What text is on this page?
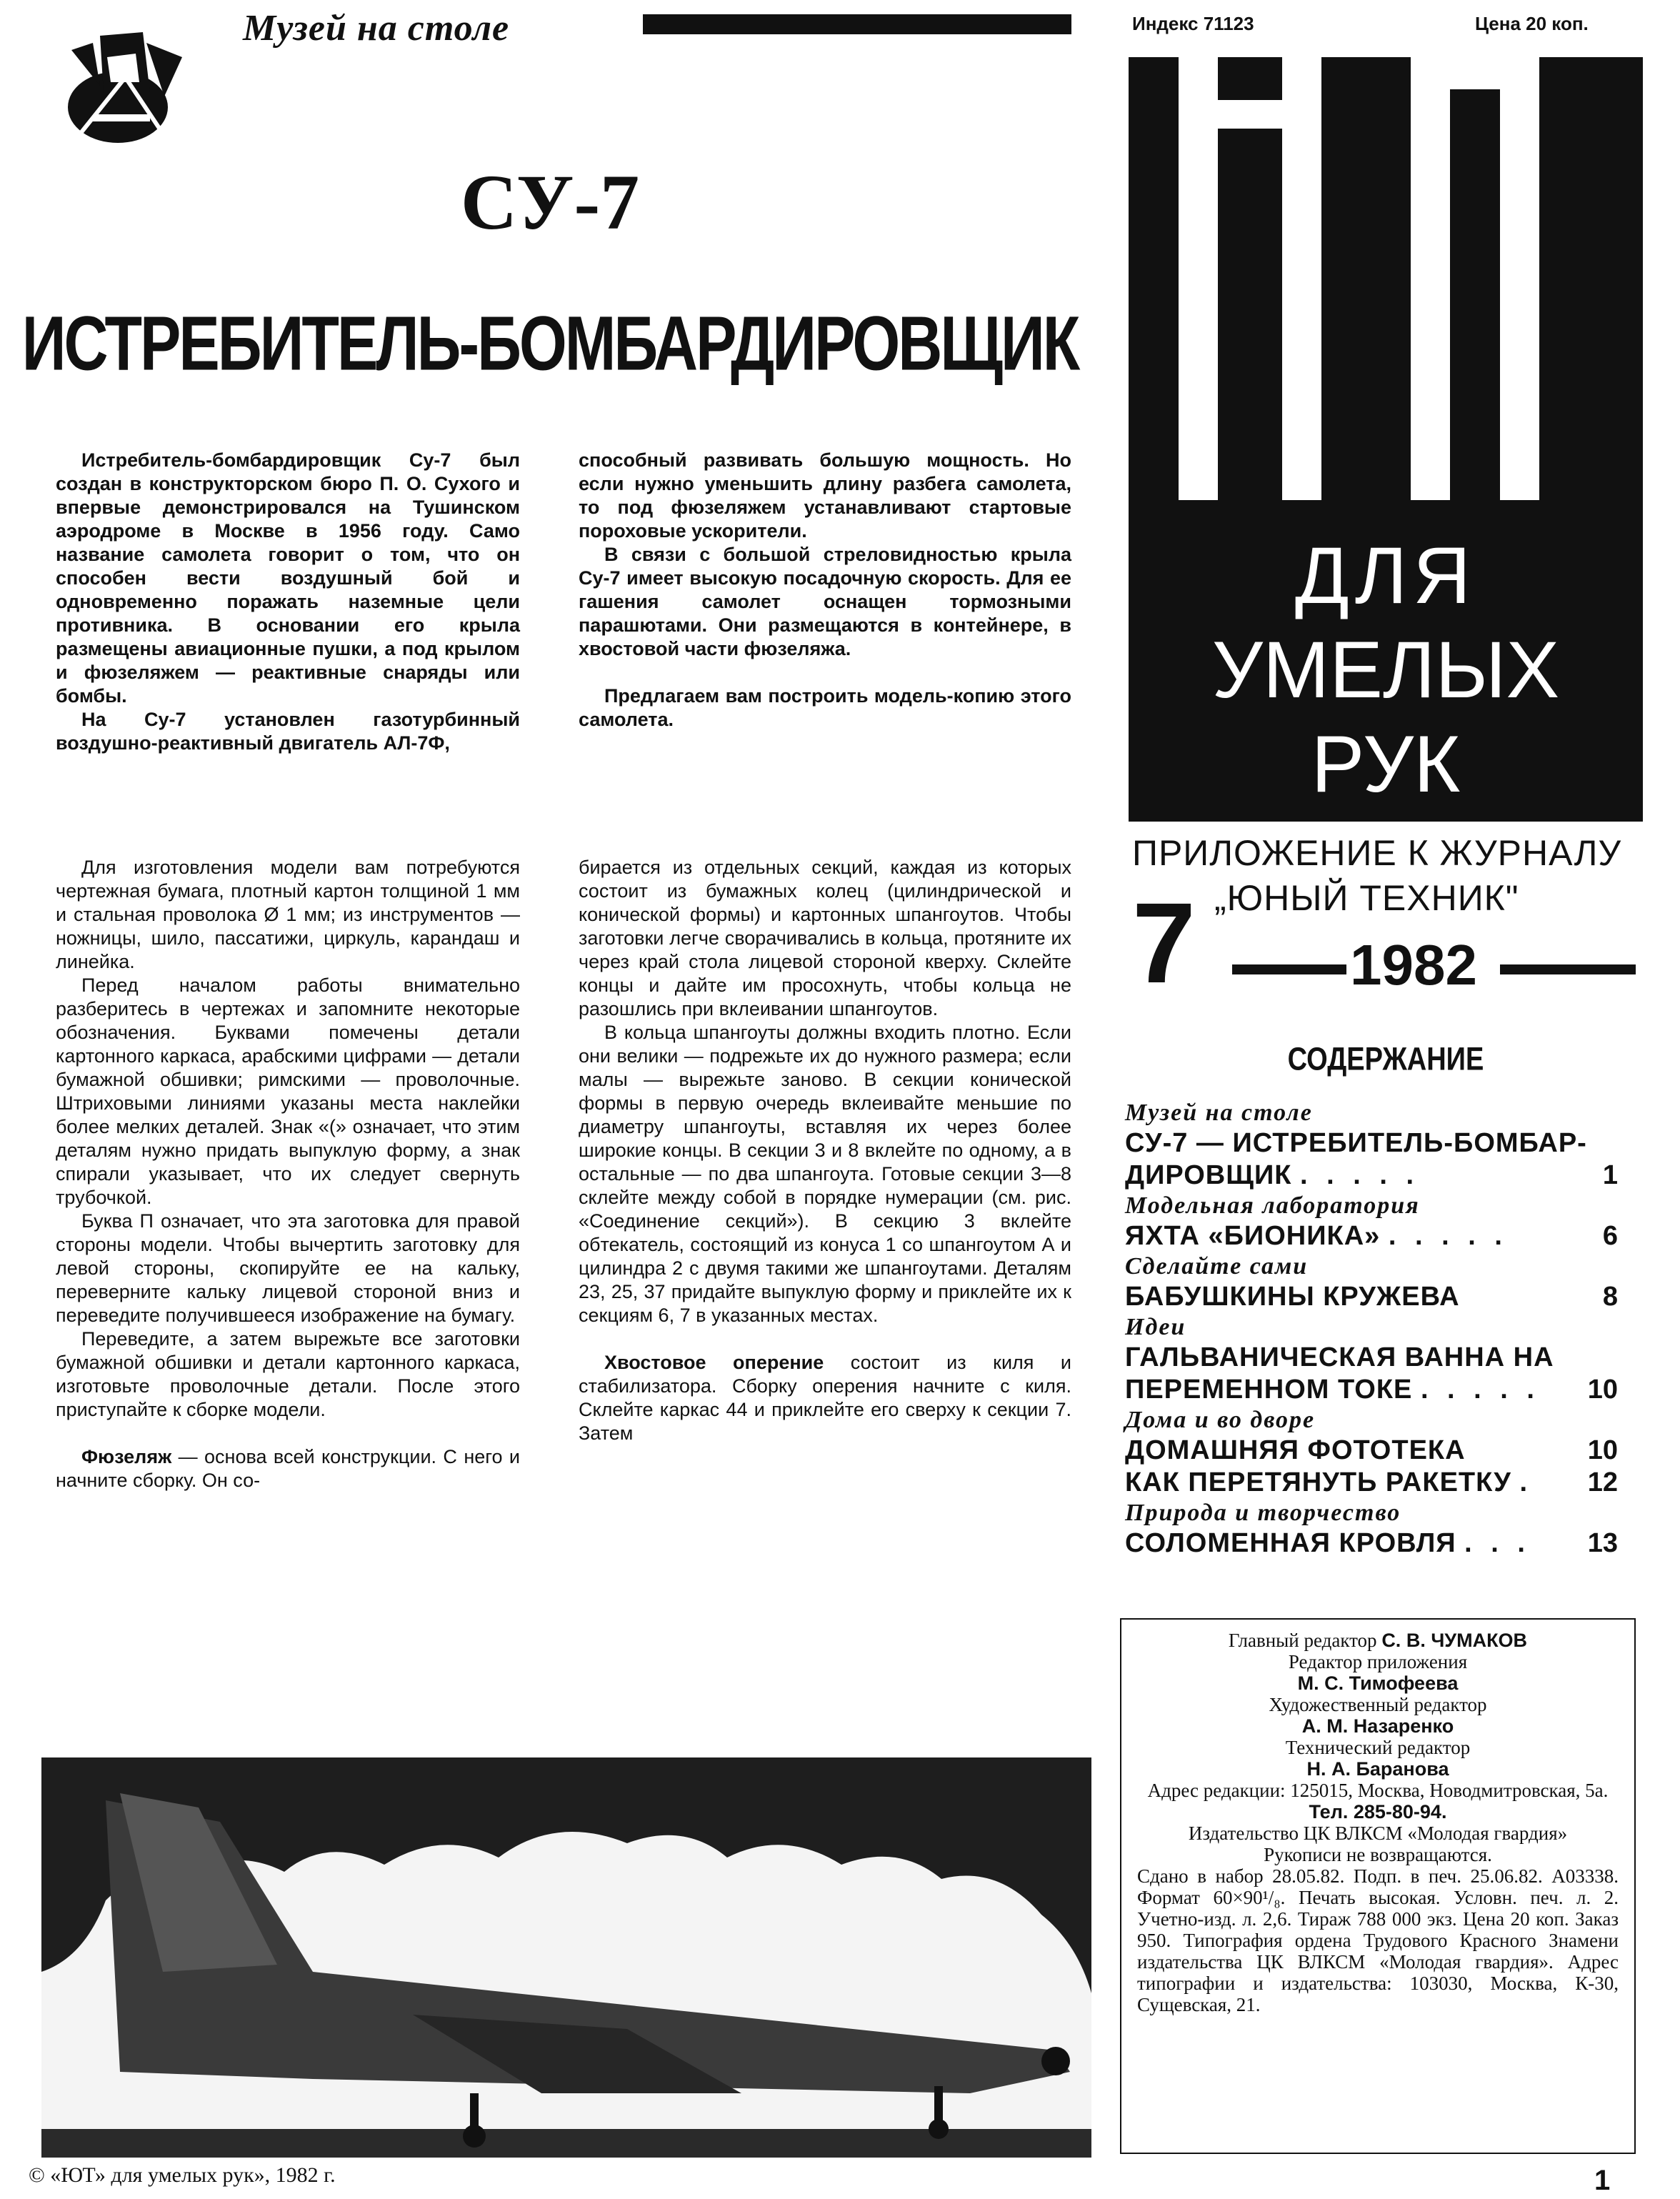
Музей на столе
СУ-7
ИСТРЕБИТЕЛЬ-БОМБАРДИРОВЩИК

Истребитель-бомбардировщик Су-7 был создан в конструкторском бюро П. О. Сухого и впервые демонстрировался на Тушинском аэродроме в Москве в 1956 году. Само название самолета говорит о том, что он способен вести воздушный бой и одновременно поражать наземные цели противника. В основании его крыла размещены авиационные пушки, а под крылом и фюзеляжем — реактивные снаряды или бомбы.

На Су-7 установлен газотурбинный воздушно-реактивный двигатель АЛ-7Ф,

способный развивать большую мощность. Но если нужно уменьшить длину разбега самолета, то под фюзеляжем устанавливают стартовые пороховые ускорители.

В связи с большой стреловидностью крыла Су-7 имеет высокую посадочную скорость. Для ее гашения самолет оснащен тормозными парашютами. Они размещаются в контейнере, в хвостовой части фюзеляжа.

Предлагаем вам построить модель-копию этого самолета.

Для изготовления модели вам потребуются чертежная бумага, плотный картон толщиной 1 мм и стальная проволока Ø 1 мм; из инструментов — ножницы, шило, пассатижи, циркуль, карандаш и линейка.

Перед началом работы внимательно разберитесь в чертежах и запомните некоторые обозначения. Буквами помечены детали картонного каркаса, арабскими цифрами — детали бумажной обшивки; римскими — проволочные. Штриховыми линиями указаны места наклейки более мелких деталей. Знак «(» означает, что этим деталям нужно придать выпуклую форму, а знак спирали указывает, что их следует свернуть трубочкой.

Буква П означает, что эта заготовка для правой стороны модели. Чтобы вычертить заготовку для левой стороны, скопируйте ее на кальку, переверните кальку лицевой стороной вниз и переведите получившееся изображение на бумагу.

Переведите, а затем вырежьте все заготовки бумажной обшивки и детали картонного каркаса, изготовьте проволочные детали. После этого приступайте к сборке модели.

Фюзеляж — основа всей конструкции. С него и начните сборку. Он со-

бирается из отдельных секций, каждая из которых состоит из бумажных колец (цилиндрической и конической формы) и картонных шпангоутов. Чтобы заготовки легче сворачивались в кольца, протяните их через край стола лицевой стороной кверху. Склейте концы и дайте им просохнуть, чтобы кольца не разошлись при вклеивании шпангоутов.

В кольца шпангоуты должны входить плотно. Если они велики — подрежьте их до нужного размера; если малы — вырежьте заново. В секции конической формы в первую очередь вклеивайте меньшие по диаметру шпангоуты, вставляя их через более широкие концы. В секции 3 и 8 вклейте по одному, а в остальные — по два шпангоута. Готовые секции 3—8 склейте между собой в порядке нумерации (см. рис. «Соединение секций»). В секцию 3 вклейте обтекатель, состоящий из конуса 1 со шпангоутом А и цилиндра 2 с двумя такими же шпангоутами. Деталям 23, 25, 37 придайте выпуклую форму и приклейте их к секциям 6, 7 в указанных местах.

Хвостовое оперение состоит из киля и стабилизатора. Сборку оперения начните с киля. Склейте каркас 44 и приклейте его сверху к секции 7. Затем

© «ЮТ» для умелых рук», 1982 г.
Индекс 71123	Цена 20 коп.
ДЛЯ
УМЕЛЫХ
РУК
ПРИЛОЖЕНИЕ К ЖУРНАЛУ
„ЮНЫЙ ТЕХНИК"
7	1982
СОДЕРЖАНИЕ
Музей на столе
СУ-7 — ИСТРЕБИТЕЛЬ-БОМБАР-
ДИРОВЩИК . . . . .	1
Модельная лаборатория
ЯХТА «БИОНИКА» . . . . .	6
Сделайте сами
БАБУШКИНЫ КРУЖЕВА	8
Идеи
ГАЛЬВАНИЧЕСКАЯ ВАННА НА
ПЕРЕМЕННОМ ТОКЕ . . . . .	10
Дома и во дворе
ДОМАШНЯЯ ФОТОТЕКА	10
КАК ПЕРЕТЯНУТЬ РАКЕТКУ .	12
Природа и творчество
СОЛОМЕННАЯ КРОВЛЯ . . .	13
Главный редактор С. В. ЧУМАКОВ
Редактор приложения
М. С. Тимофеева
Художественный редактор
А. М. Назаренко
Технический редактор
Н. А. Баранова
Адрес редакции: 125015, Москва, Новодмитровская, 5а.
Тел. 285-80-94.
Издательство ЦК ВЛКСМ «Молодая гвардия»
Рукописи не возвращаются.
Сдано в набор 28.05.82. Подп. в печ. 25.06.82. А03338. Формат 60×90¹/₈. Печать высокая. Условн. печ. л. 2. Учетно-изд. л. 2,6. Тираж 788 000 экз. Цена 20 коп. Заказ 950. Типография ордена Трудового Красного Знамени издательства ЦК ВЛКСМ «Молодая гвардия». Адрес типографии и издательства: 103030, Москва, К-30, Сущевская, 21.
1
